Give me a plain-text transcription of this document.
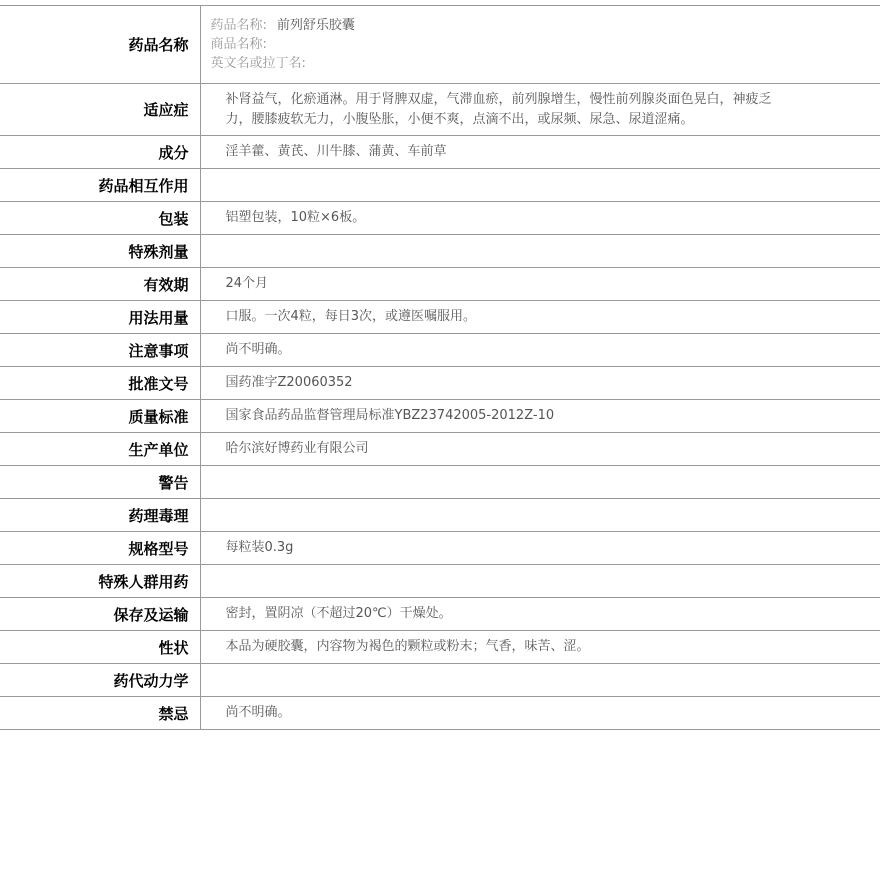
药品名称	药品名称: 前列舒乐胶囊
商品名称:
英文名或拉丁名:

适应症	补肾益气，化瘀通淋。用于肾脾双虚，气滞血瘀，前列腺增生，慢性前列腺炎面色晃白，神疲乏力，腰膝疲软无力，小腹坠胀，小便不爽，点滴不出，或尿频、尿急、尿道涩痛。
成分	淫羊藿、黄芪、川牛膝、蒲黄、车前草
药品相互作用	
包装	铝塑包装，10粒×6板。
特殊剂量	
有效期	24个月
用法用量	口服。一次4粒，每日3次，或遵医嘱服用。
注意事项	尚不明确。
批准文号	国药准字Z20060352
质量标准	国家食品药品监督管理局标准YBZ23742005-2012Z-10
生产单位	哈尔滨好博药业有限公司
警告	
药理毒理	
规格型号	每粒装0.3g
特殊人群用药	
保存及运输	密封，置阴凉（不超过20℃）干燥处。
性状	本品为硬胶囊，内容物为褐色的颗粒或粉末；气香，味苦、涩。
药代动力学	
禁忌	尚不明确。
